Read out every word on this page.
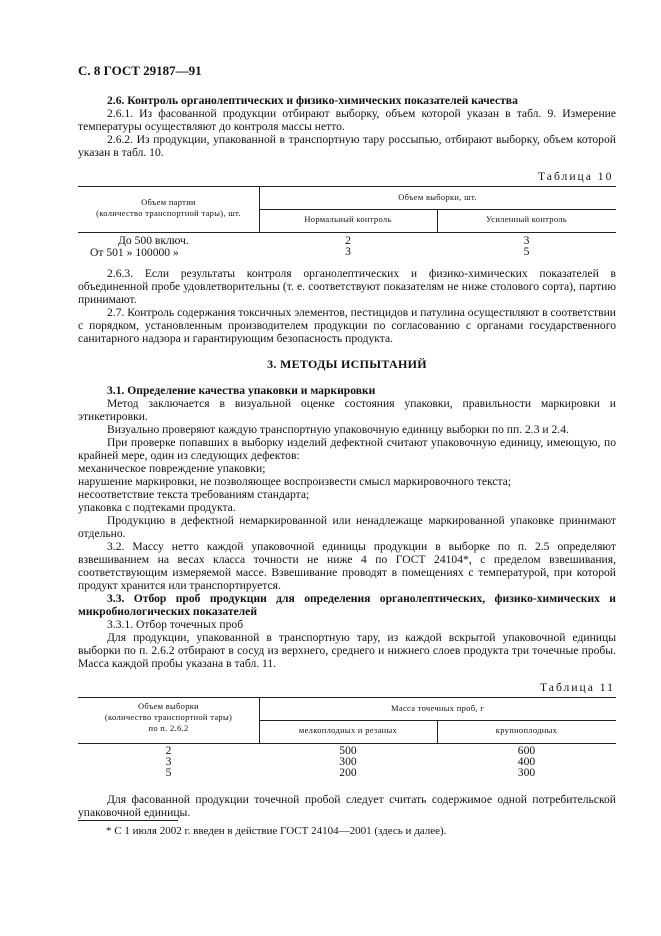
С. 8 ГОСТ 29187—91

2.6. Контроль органолептических и физико-химических показателей качества

2.6.1. Из фасованной продукции отбирают выборку, объем которой указан в табл. 9. Измерение температуры осуществляют до контроля массы нетто.

2.6.2. Из продукции, упакованной в транспортную тару россыпью, отбирают выборку, объем которой указан в табл. 10.

Таблица 10
Объем партии
(количество транспортной тары), шт.
Объем выборки, шт.
Нормальный контроль	Усиленный контроль
До 500 включ.	2	3
От 501 » 100000 »	3	5

2.6.3. Если результаты контроля органолептических и физико-химических показателей в объединенной пробе удовлетворительны (т. е. соответствуют показателям не ниже столового сорта), партию принимают.

2.7. Контроль содержания токсичных элементов, пестицидов и патулина осуществляют в соответствии с порядком, установленным производителем продукции по согласованию с органами государственного санитарного надзора и гарантирующим безопасность продукта.

3. МЕТОДЫ ИСПЫТАНИЙ

3.1. Определение качества упаковки и маркировки

Метод заключается в визуальной оценке состояния упаковки, правильности маркировки и этикетировки.

Визуально проверяют каждую транспортную упаковочную единицу выборки по пп. 2.3 и 2.4.

При проверке попавших в выборку изделий дефектной считают упаковочную единицу, имеющую, по крайней мере, один из следующих дефектов:

механическое повреждение упаковки;

нарушение маркировки, не позволяющее воспроизвести смысл маркировочного текста;

несоответствие текста требованиям стандарта;

упаковка с подтеками продукта.

Продукцию в дефектной немаркированной или ненадлежаще маркированной упаковке принимают отдельно.

3.2. Массу нетто каждой упаковочной единицы продукции в выборке по п. 2.5 определяют взвешиванием на весах класса точности не ниже 4 по ГОСТ 24104*, с пределом взвешивания, соответствующим измеряемой массе. Взвешивание проводят в помещениях с температурой, при которой продукт хранится или транспортируется.

3.3. Отбор проб продукции для определения органолептических, физико-химических и микробиологических показателей

3.3.1. Отбор точечных проб

Для продукции, упакованной в транспортную тару, из каждой вскрытой упаковочной единицы выборки по п. 2.6.2 отбирают в сосуд из верхнего, среднего и нижнего слоев продукта три точечные пробы. Масса каждой пробы указана в табл. 11.

Таблица 11
Объем выборки
(количество транспортной тары)
по п. 2.6.2
Масса точечных проб, г
мелкоплодных и резаных	крупноплодных
2	500	600
3	300	400
5	200	300

Для фасованной продукции точечной пробой следует считать содержимое одной потребительской упаковочной единицы.

* С 1 июля 2002 г. введен в действие ГОСТ 24104—2001 (здесь и далее).
